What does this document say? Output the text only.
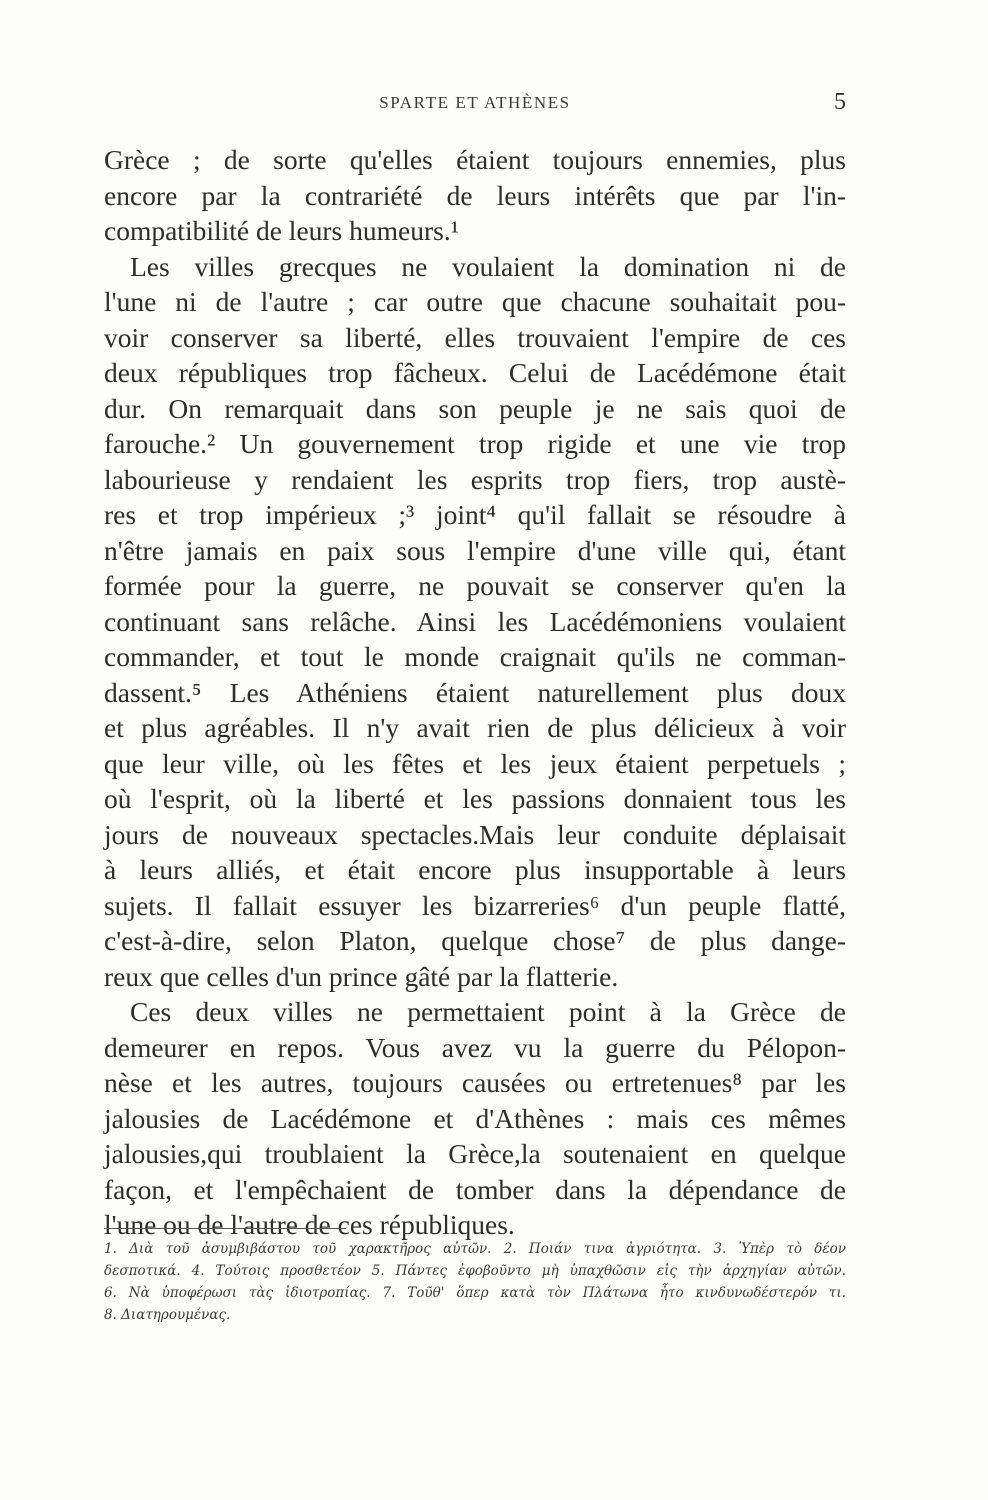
SPARTE ET ATHÈNES	5
Grèce ; de sorte qu'elles étaient toujours ennemies, plus
encore par la contrariété de leurs intérêts que par l'in-
compatibilité de leurs humeurs.¹
Les villes grecques ne voulaient la domination ni de
l'une ni de l'autre ; car outre que chacune souhaitait pou-
voir conserver sa liberté, elles trouvaient l'empire de ces
deux républiques trop fâcheux. Celui de Lacédémone était
dur. On remarquait dans son peuple je ne sais quoi de
farouche.² Un gouvernement trop rigide et une vie trop
labourieuse y rendaient les esprits trop fiers, trop austè-
res et trop impérieux ;³ joint⁴ qu'il fallait se résoudre à
n'être jamais en paix sous l'empire d'une ville qui, étant
formée pour la guerre, ne pouvait se conserver qu'en la
continuant sans relâche. Ainsi les Lacédémoniens voulaient
commander, et tout le monde craignait qu'ils ne comman-
dassent.⁵ Les Athéniens étaient naturellement plus doux
et plus agréables. Il n'y avait rien de plus délicieux à voir
que leur ville, où les fêtes et les jeux étaient perpetuels ;
où l'esprit, où la liberté et les passions donnaient tous les
jours de nouveaux spectacles.Mais leur conduite déplaisait
à leurs alliés, et était encore plus insupportable à leurs
sujets. Il fallait essuyer les bizarreries⁶ d'un peuple flatté,
c'est-à-dire, selon Platon, quelque chose⁷ de plus dange-
reux que celles d'un prince gâté par la flatterie.
Ces deux villes ne permettaient point à la Grèce de
demeurer en repos. Vous avez vu la guerre du Pélopon-
nèse et les autres, toujours causées ou ertretenues⁸ par les
jalousies de Lacédémone et d'Athènes : mais ces mêmes
jalousies,qui troublaient la Grèce,la soutenaient en quelque
façon, et l'empêchaient de tomber dans la dépendance de
l'une ou de l'autre de ces républiques.
1. Διὰ τοῦ ἀσυμβιβάστου τοῦ χαρακτῆρος αὐτῶν. 2. Ποιάν τινα ἀγριότητα. 3. Ὑπὲρ τὸ δέον
δεσποτικά. 4. Τούτοις προσθετέον 5. Πάντες ἐφοβοῦντο μὴ ὑπαχθῶσιν εἰς τὴν ἀρχηγίαν αὐτῶν.
6. Νὰ ὑποφέρωσι τὰς ἰδιοτροπίας. 7. Τοῦθ' ὅπερ κατὰ τὸν Πλάτωνα ἦτο κινδυνωδέστερόν τι.
8. Διατηρουμένας.
